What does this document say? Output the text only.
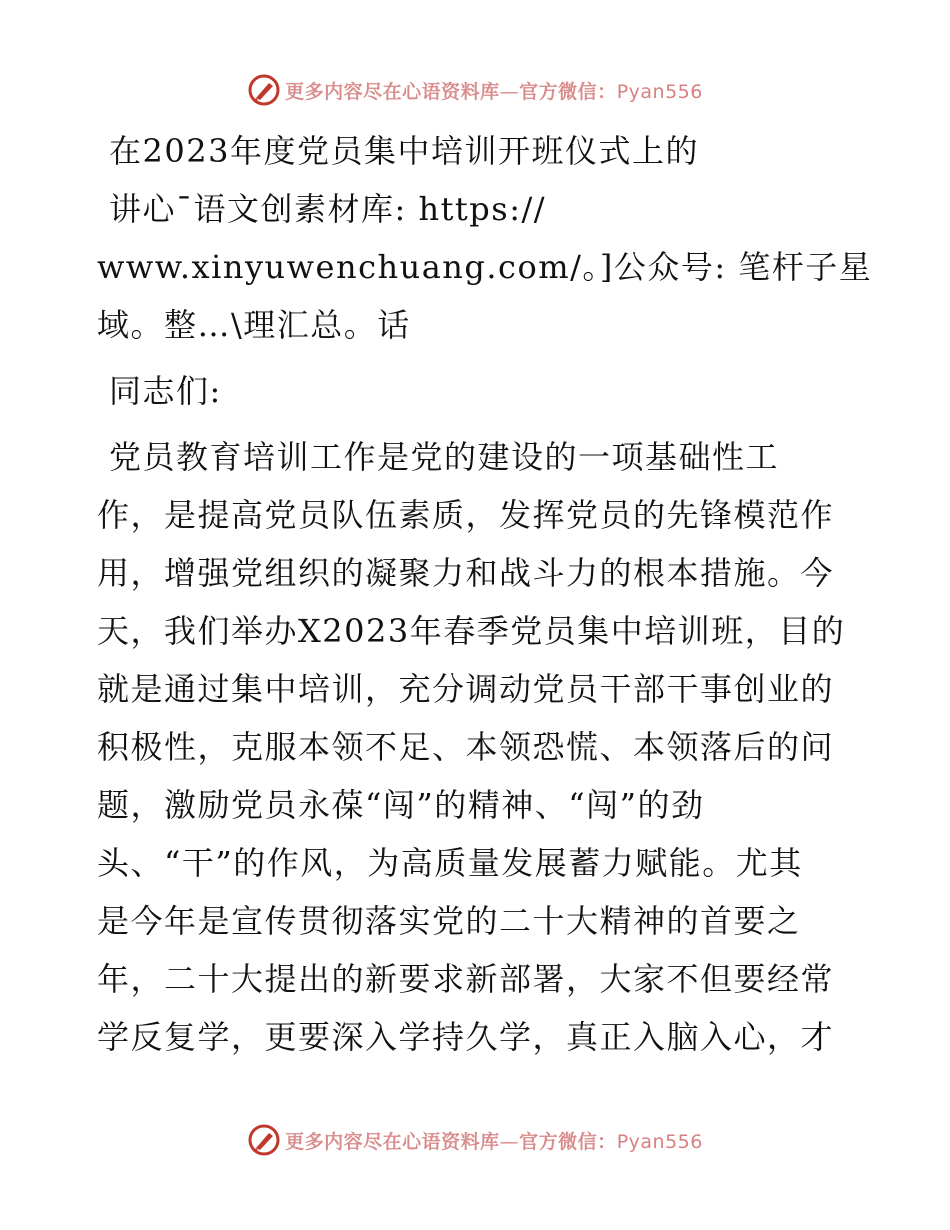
更多内容尽在心语资料库—官方微信：Pyan556
在2023年度党员集中培训开班仪式上的
讲心¯语文创素材库: https://
www.xinyuwenchuang.com/。]公众号: 笔杆子星
域。整…\理汇总。话
同志们:
党员教育培训工作是党的建设的一项基础性工
作，是提高党员队伍素质，发挥党员的先锋模范作
用，增强党组织的凝聚力和战斗力的根本措施。今
天，我们举办X2023年春季党员集中培训班，目的
就是通过集中培训，充分调动党员干部干事创业的
积极性，克服本领不足、本领恐慌、本领落后的问
题，激励党员永葆“闯”的精神、“闯”的劲
头、“干”的作风，为高质量发展蓄力赋能。尤其
是今年是宣传贯彻落实党的二十大精神的首要之
年，二十大提出的新要求新部署，大家不但要经常
学反复学，更要深入学持久学，真正入脑入心，才
更多内容尽在心语资料库—官方微信：Pyan556
